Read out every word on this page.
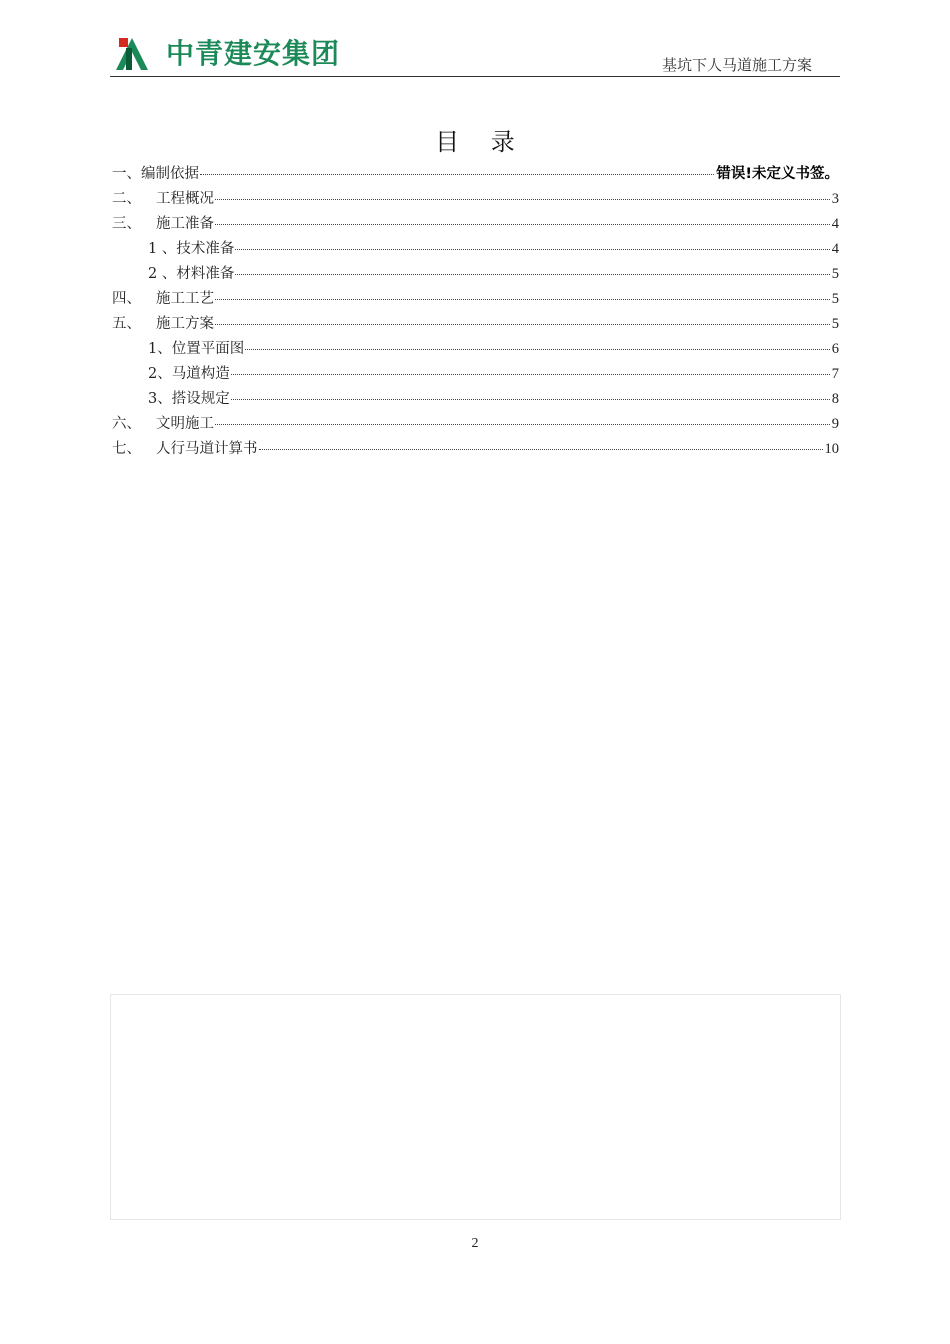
中青建安集团	基坑下人马道施工方案
目 录
一、 编制依据	错误!未定义书签。
二、	工程概况	3
三、	施工准备	4
1 、 技术准备	4
2 、 材料准备	5
四、	施工工艺	5
五、	施工方案	5
1、 位置平面图	6
2、 马道构造	7
3、 搭设规定	8
六、	文明施工	9
七、	人行马道计算书	10
2
